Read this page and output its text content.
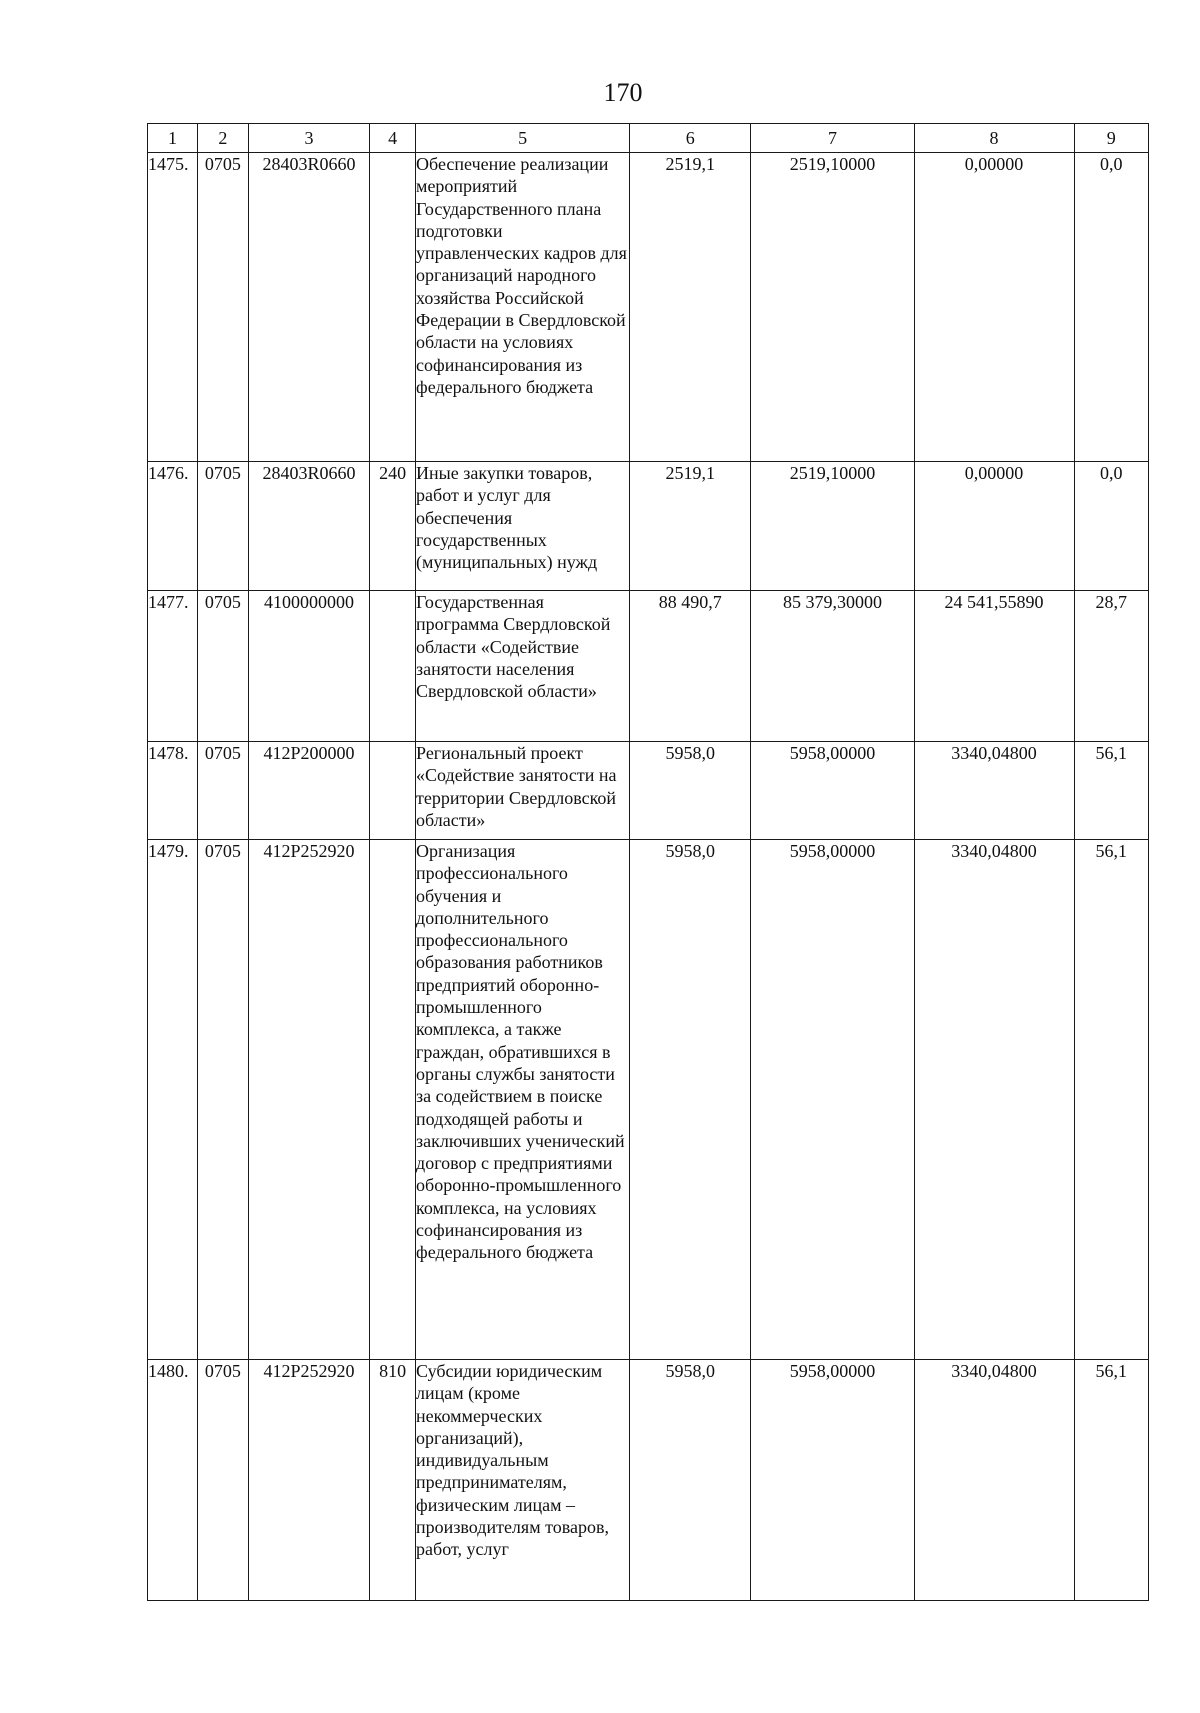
170
1	2	3	4	5	6	7	8	9
1475.	0705	28403R0660		Обеспечение реализации мероприятий Государственного плана подготовки управленческих кадров для организаций народного хозяйства Российской Федерации в Свердловской области на условиях софинансирования из федерального бюджета	2519,1	2519,10000	0,00000	0,0
1476.	0705	28403R0660	240	Иные закупки товаров, работ и услуг для обеспечения государственных (муниципальных) нужд	2519,1	2519,10000	0,00000	0,0
1477.	0705	4100000000		Государственная программа Свердловской области «Содействие занятости населения Свердловской области»	88 490,7	85 379,30000	24 541,55890	28,7
1478.	0705	412P200000		Региональный проект «Содействие занятости на территории Свердловской области»	5958,0	5958,00000	3340,04800	56,1
1479.	0705	412P252920		Организация профессионального обучения и дополнительного профессионального образования работников предприятий оборонно-промышленного комплекса, а также граждан, обратившихся в органы службы занятости за содействием в поиске подходящей работы и заключивших ученический договор с предприятиями оборонно-промышленного комплекса, на условиях софинансирования из федерального бюджета	5958,0	5958,00000	3340,04800	56,1
1480.	0705	412P252920	810	Субсидии юридическим лицам (кроме некоммерческих организаций), индивидуальным предпринимателям, физическим лицам – производителям товаров, работ, услуг	5958,0	5958,00000	3340,04800	56,1
